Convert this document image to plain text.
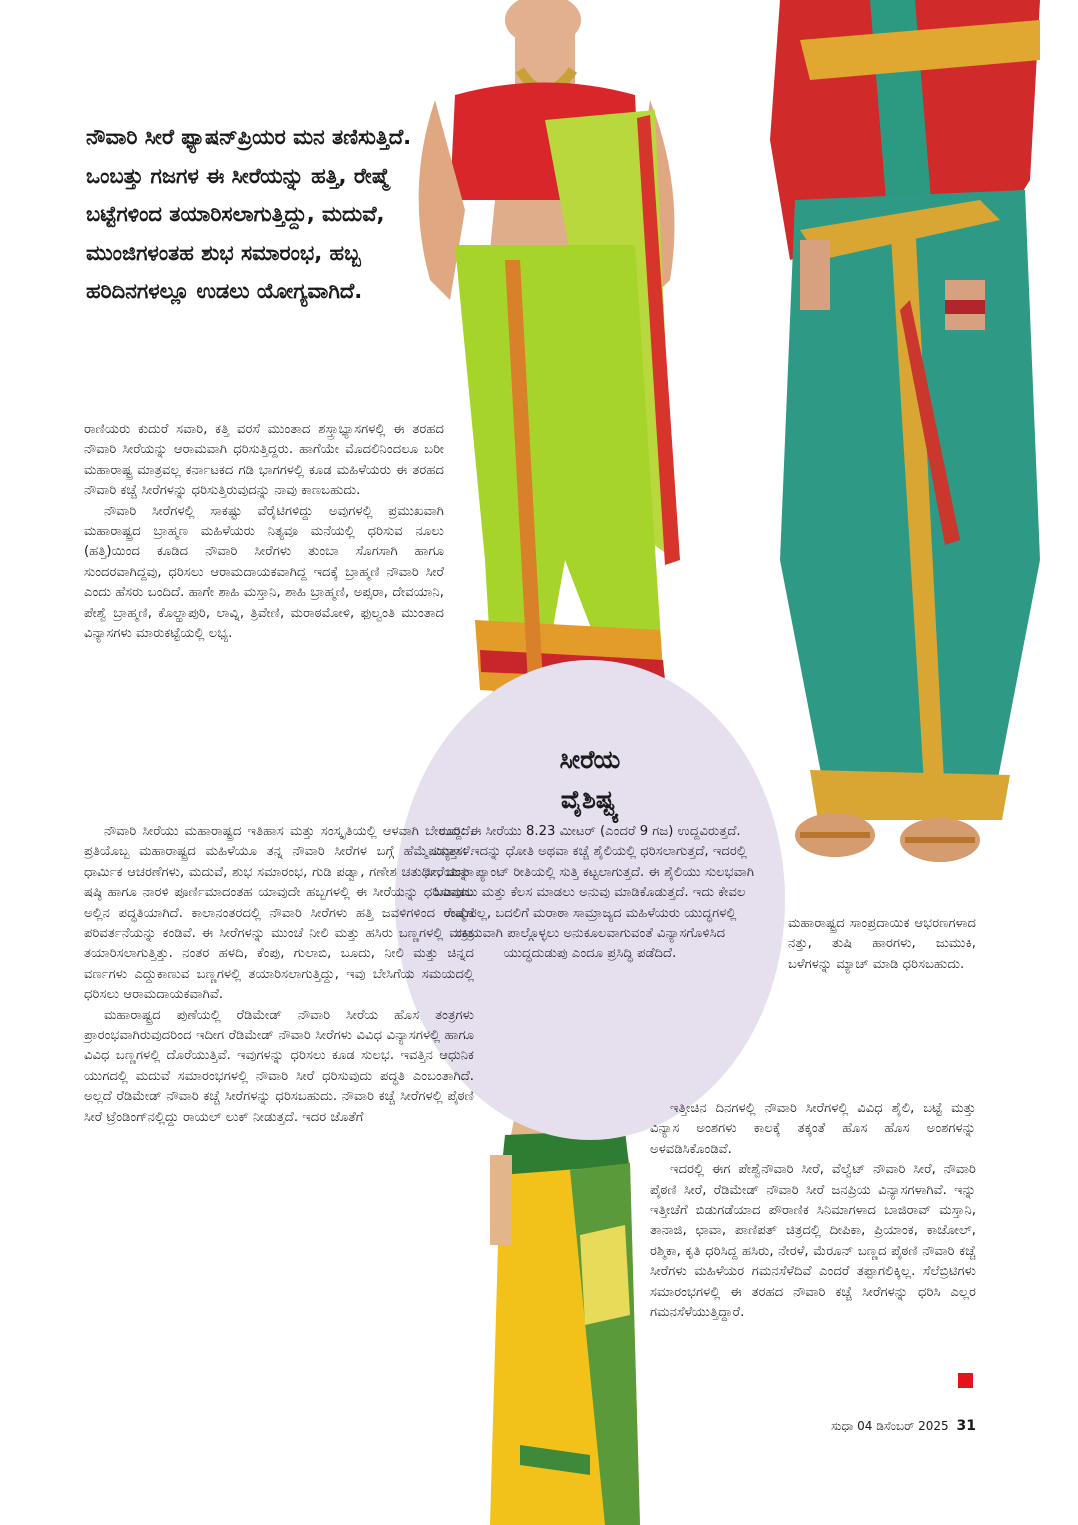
ನೌವಾರಿ ಸೀರೆ ಫ್ಯಾಷನ್‌ಪ್ರಿಯರ ಮನ ತಣಿಸುತ್ತಿದೆ. ಒಂಬತ್ತು ಗಜಗಳ ಈ ಸೀರೆಯನ್ನು ಹತ್ತಿ, ರೇಷ್ಮೆ ಬಟ್ಟೆಗಳಿಂದ ತಯಾರಿಸಲಾಗುತ್ತಿದ್ದು, ಮದುವೆ, ಮುಂಜಿಗಳಂತಹ ಶುಭ ಸಮಾರಂಭ, ಹಬ್ಬ ಹರಿದಿನಗಳಲ್ಲೂ ಉಡಲು ಯೋಗ್ಯವಾಗಿದೆ.

ರಾಣಿಯರು ಕುದುರೆ ಸವಾರಿ, ಕತ್ತಿ ವರಸೆ ಮುಂತಾದ ಶಸ್ತ್ರಾಭ್ಯಾಸಗಳಲ್ಲಿ ಈ ತರಹದ ನೌವಾರಿ ಸೀರೆಯನ್ನು ಆರಾಮವಾಗಿ ಧರಿಸುತ್ತಿದ್ದರು. ಹಾಗೆಯೇ ಮೊದಲಿನಿಂದಲೂ ಬರೀ ಮಹಾರಾಷ್ಟ್ರ ಮಾತ್ರವಲ್ಲ ಕರ್ನಾಟಕದ ಗಡಿ ಭಾಗಗಳಲ್ಲಿ ಕೂಡ ಮಹಿಳೆಯರು ಈ ತರಹದ ನೌವಾರಿ ಕಚ್ಚೆ ಸೀರೆಗಳನ್ನು ಧರಿಸುತ್ತಿರುವುದನ್ನು ನಾವು ಕಾಣಬಹುದು.

ನೌವಾರಿ ಸೀರೆಗಳಲ್ಲಿ ಸಾಕಷ್ಟು ವೆರೈಟಿಗಳಿದ್ದು ಅವುಗಳಲ್ಲಿ ಪ್ರಮುಖವಾಗಿ ಮಹಾರಾಷ್ಟ್ರದ ಬ್ರಾಹ್ಮಣ ಮಹಿಳೆಯರು ನಿತ್ಯವೂ ಮನೆಯಲ್ಲಿ ಧರಿಸುವ ನೂಲು (ಹತ್ತಿ)ಯಿಂದ ಕೂಡಿದ ನೌವಾರಿ ಸೀರೆಗಳು ತುಂಬಾ ಸೊಗಸಾಗಿ ಹಾಗೂ ಸುಂದರವಾಗಿದ್ದವು, ಧರಿಸಲು ಆರಾಮದಾಯಕವಾಗಿದ್ದ ಇದಕ್ಕೆ ಬ್ರಾಹ್ಮಣಿ ನೌವಾರಿ ಸೀರೆ ಎಂದು ಹೆಸರು ಬಂದಿದೆ. ಹಾಗೇ ಶಾಹಿ ಮಸ್ತಾನಿ, ಶಾಹಿ ಬ್ರಾಹ್ಮಣಿ, ಅಪ್ಸರಾ, ದೇವಯಾನಿ, ಪೇಶ್ವೆ ಬ್ರಾಹ್ಮಣಿ, ಕೊಲ್ಹಾಪುರಿ, ಲಾವ್ನಿ, ತ್ರಿವೇಣಿ, ಮರಾಠಮೋಳಿ, ಫುಲ್ವಂತಿ ಮುಂತಾದ ವಿನ್ಯಾಸಗಳು ಮಾರುಕಟ್ಟೆಯಲ್ಲಿ ಲಭ್ಯ.

ಸೀರೆಯ
ವೈಶಿಷ್ಟ್ಯ

ಉದ್ದ: ಈ ಸೀರೆಯು 8.23 ಮೀಟರ್ (ಎಂದರೆ 9 ಗಜ) ಉದ್ದವಿರುತ್ತದೆ.

ವಿನ್ಯಾಸ: ಇದನ್ನು ಧೋತಿ ಅಥವಾ ಕಚ್ಚೆ ಶೈಲಿಯಲ್ಲಿ ಧರಿಸಲಾಗುತ್ತದೆ, ಇದರಲ್ಲಿ ಸೀರೆಯನ್ನು ಪ್ಯಾಂಟ್ ರೀತಿಯಲ್ಲಿ ಸುತ್ತಿ ಕಟ್ಟಲಾಗುತ್ತದೆ. ಈ ಶೈಲಿಯು ಸುಲಭವಾಗಿ ಓಡಾಡಲು ಮತ್ತು ಕೆಲಸ ಮಾಡಲು ಅನುವು ಮಾಡಿಕೊಡುತ್ತದೆ. ಇದು ಕೇವಲ ಉಡುಪಲ್ಲ, ಬದಲಿಗೆ ಮರಾಠಾ ಸಾಮ್ರಾಜ್ಯದ ಮಹಿಳೆಯರು ಯುದ್ಧಗಳಲ್ಲಿ ಸಕ್ರಿಯವಾಗಿ ಪಾಲ್ಗೊಳ್ಳಲು ಅನುಕೂಲವಾಗುವಂತೆ ವಿನ್ಯಾಸಗೊಳಿಸಿದ ಯುದ್ಧದುಡುಪು ಎಂದೂ ಪ್ರಸಿದ್ಧಿ ಪಡೆದಿದೆ.

ನೌವಾರಿ ಸೀರೆಯು ಮಹಾರಾಷ್ಟ್ರದ ಇತಿಹಾಸ ಮತ್ತು ಸಂಸ್ಕೃತಿಯಲ್ಲಿ ಆಳವಾಗಿ ಬೇರೂರಿದೆ. ಪ್ರತಿಯೊಬ್ಬ ಮಹಾರಾಷ್ಟ್ರದ ಮಹಿಳೆಯೂ ತನ್ನ ನೌವಾರಿ ಸೀರೆಗಳ ಬಗ್ಗೆ ಹೆಮ್ಮೆಪಡುತ್ತಾಳೆ. ಧಾರ್ಮಿಕ ಆಚರಣೆಗಳು, ಮದುವೆ, ಶುಭ ಸಮಾರಂಭ, ಗುಡಿ ಪಡ್ವಾ, ಗಣೇಶ ಚತುರ್ಥಿ, ಚಂಪಾ ಷಷ್ಠಿ ಹಾಗೂ ನಾರಳಿ ಪೂರ್ಣಿಮಾದಂತಹ ಯಾವುದೇ ಹಬ್ಬಗಳಲ್ಲಿ ಈ ಸೀರೆಯನ್ನು ಧರಿಸುವುದು ಅಲ್ಲಿನ ಪದ್ಧತಿಯಾಗಿದೆ. ಕಾಲಾನಂತರದಲ್ಲಿ ನೌವಾರಿ ಸೀರೆಗಳು ಹತ್ತಿ ಜವಳಿಗಳಿಂದ ರೇಷ್ಮೆಗೆ ಪರಿವರ್ತನೆಯನ್ನು ಕಂಡಿವೆ. ಈ ಸೀರೆಗಳನ್ನು ಮುಂಚೆ ನೀಲಿ ಮತ್ತು ಹಸಿರು ಬಣ್ಣಗಳಲ್ಲಿ ಮಾತ್ರ ತಯಾರಿಸಲಾಗುತ್ತಿತ್ತು. ನಂತರ ಹಳದಿ, ಕೆಂಪು, ಗುಲಾಬಿ, ಬೂದು, ನೀಲಿ ಮತ್ತು ಚಿನ್ನದ ವರ್ಣಗಳು ಎದ್ದುಕಾಣುವ ಬಣ್ಣಗಳಲ್ಲಿ ತಯಾರಿಸಲಾಗುತ್ತಿದ್ದು, ಇವು ಬೇಸಿಗೆಯ ಸಮಯದಲ್ಲಿ ಧರಿಸಲು ಆರಾಮದಾಯಕವಾಗಿವೆ.

ಮಹಾರಾಷ್ಟ್ರದ ಪುಣೆಯಲ್ಲಿ ರೆಡಿಮೇಡ್ ನೌವಾರಿ ಸೀರೆಯ ಹೊಸ ತಂತ್ರಗಳು ಪ್ರಾರಂಭವಾಗಿರುವುದರಿಂದ ಇದೀಗ ರೆಡಿಮೇಡ್ ನೌವಾರಿ ಸೀರೆಗಳು ವಿವಿಧ ವಿನ್ಯಾಸಗಳಲ್ಲಿ ಹಾಗೂ ವಿವಿಧ ಬಣ್ಣಗಳಲ್ಲಿ ದೊರೆಯುತ್ತಿವೆ. ಇವುಗಳನ್ನು ಧರಿಸಲು ಕೂಡ ಸುಲಭ. ಇವತ್ತಿನ ಆಧುನಿಕ ಯುಗದಲ್ಲಿ ಮದುವೆ ಸಮಾರಂಭಗಳಲ್ಲಿ ನೌವಾರಿ ಸೀರೆ ಧರಿಸುವುದು ಪದ್ಧತಿ ಎಂಬಂತಾಗಿದೆ. ಅಲ್ಲದೆ ರೆಡಿಮೇಡ್ ನೌವಾರಿ ಕಚ್ಚೆ ಸೀರೆಗಳನ್ನು ಧರಿಸಬಹುದು. ನೌವಾರಿ ಕಚ್ಚೆ ಸೀರೆಗಳಲ್ಲಿ ಪೈಠಣಿ ಸೀರೆ ಟ್ರೆಂಡಿಂಗ್‌ನಲ್ಲಿದ್ದು ರಾಯಲ್ ಲುಕ್ ನೀಡುತ್ತದೆ. ಇದರ ಜೊತೆಗೆ

ಮಹಾರಾಷ್ಟ್ರದ ಸಾಂಪ್ರದಾಯಿಕ ಆಭರಣಗಳಾದ ನತ್ತು, ತುಷಿ ಹಾರಗಳು, ಜುಮುಕಿ, ಬಳೆಗಳನ್ನು ಮ್ಯಾಚ್ ಮಾಡಿ ಧರಿಸಬಹುದು.

ಇತ್ತೀಚಿನ ದಿನಗಳಲ್ಲಿ ನೌವಾರಿ ಸೀರೆಗಳಲ್ಲಿ ವಿವಿಧ ಶೈಲಿ, ಬಟ್ಟೆ ಮತ್ತು ವಿನ್ಯಾಸ ಅಂಶಗಳು ಕಾಲಕ್ಕೆ ತಕ್ಕಂತೆ ಹೊಸ ಹೊಸ ಅಂಶಗಳನ್ನು ಅಳವಡಿಸಿಕೊಂಡಿವೆ.

ಇದರಲ್ಲಿ ಈಗ ಪೇಶ್ವೆನೌವಾರಿ ಸೀರೆ, ವೆಲ್ವೆಟ್ ನೌವಾರಿ ಸೀರೆ, ನೌವಾರಿ ಪೈಠಣಿ ಸೀರೆ, ರೆಡಿಮೇಡ್ ನೌವಾರಿ ಸೀರೆ ಜನಪ್ರಿಯ ವಿನ್ಯಾಸಗಳಾಗಿವೆ. ಇನ್ನು ಇತ್ತೀಚೆಗೆ ಬಿಡುಗಡೆಯಾದ ಪೌರಾಣಿಕ ಸಿನಿಮಾಗಳಾದ ಬಾಜಿರಾವ್ ಮಸ್ತಾನಿ, ತಾನಾಜಿ, ಛಾವಾ, ಪಾಣಿಪತ್ ಚಿತ್ರದಲ್ಲಿ ದೀಪಿಕಾ, ಪ್ರಿಯಾಂಕ, ಕಾಜೋಲ್, ರಶ್ಮಿಕಾ, ಕೃತಿ ಧರಿಸಿದ್ದ ಹಸಿರು, ನೇರಳೆ, ಮೆರೂನ್ ಬಣ್ಣದ ಪೈಠಣಿ ನೌವಾರಿ ಕಚ್ಚೆ ಸೀರೆಗಳು ಮಹಿಳೆಯರ ಗಮನಸೆಳೆದಿವೆ ಎಂದರೆ ತಪ್ಪಾಗಲಿಕ್ಕಿಲ್ಲ. ಸೆಲೆಬ್ರಿಟಿಗಳು ಸಮಾರಂಭಗಳಲ್ಲಿ ಈ ತರಹದ ನೌವಾರಿ ಕಚ್ಚೆ ಸೀರೆಗಳನ್ನು ಧರಿಸಿ ಎಲ್ಲರ ಗಮನಸೆಳೆಯುತ್ತಿದ್ದಾರೆ.

ಸುಧಾ 04 ಡಿಸೆಂಬರ್ 2025 31
